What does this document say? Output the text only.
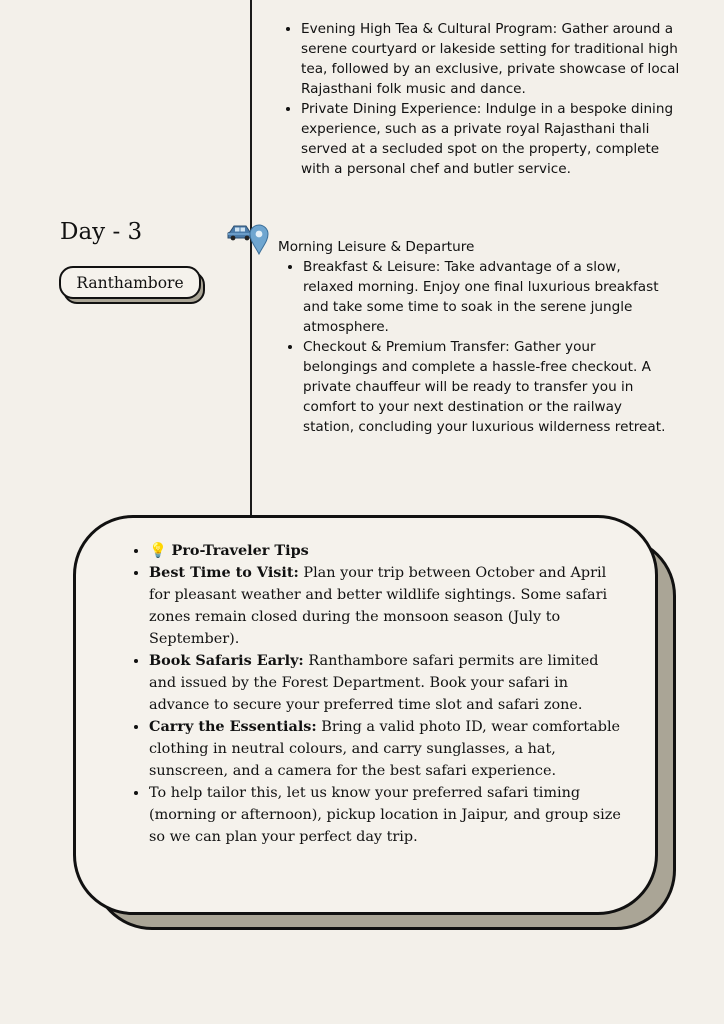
• Evening High Tea & Cultural Program: Gather around a serene courtyard or lakeside setting for traditional high tea, followed by an exclusive, private showcase of local Rajasthani folk music and dance.
• Private Dining Experience: Indulge in a bespoke dining experience, such as a private royal Rajasthani thali served at a secluded spot on the property, complete with a personal chef and butler service.
Day - 3
Ranthambore
Morning Leisure & Departure
• Breakfast & Leisure: Take advantage of a slow, relaxed morning. Enjoy one final luxurious breakfast and take some time to soak in the serene jungle atmosphere.
• Checkout & Premium Transfer: Gather your belongings and complete a hassle-free checkout. A private chauffeur will be ready to transfer you in comfort to your next destination or the railway station, concluding your luxurious wilderness retreat.
• 💡 Pro-Traveler Tips
• Best Time to Visit: Plan your trip between October and April for pleasant weather and better wildlife sightings. Some safari zones remain closed during the monsoon season (July to September).
• Book Safaris Early: Ranthambore safari permits are limited and issued by the Forest Department. Book your safari in advance to secure your preferred time slot and safari zone.
• Carry the Essentials: Bring a valid photo ID, wear comfortable clothing in neutral colours, and carry sunglasses, a hat, sunscreen, and a camera for the best safari experience.
• To help tailor this, let us know your preferred safari timing (morning or afternoon), pickup location in Jaipur, and group size so we can plan your perfect day trip.
